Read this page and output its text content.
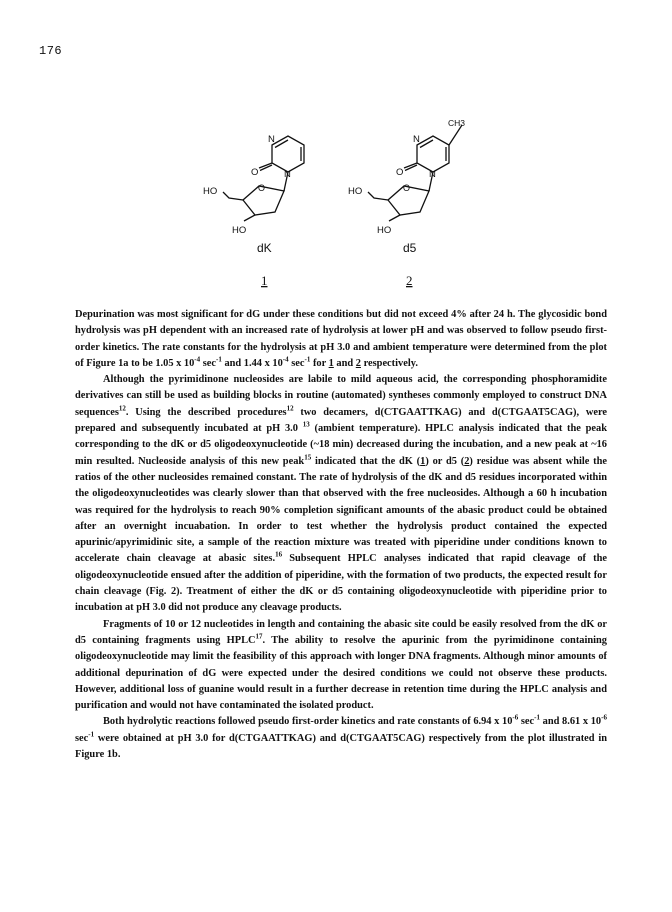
176
N
O	N
O
HO
HO
dK
1
N
O	N
O
CH3
HO
HO
d5
2

Depurination was most significant for dG under these conditions but did not exceed 4% after 24 h. The glycosidic bond hydrolysis was pH dependent with an increased rate of hydrolysis at lower pH and was observed to follow pseudo first-order kinetics. The rate constants for the hydrolysis at pH 3.0 and ambient temperature were determined from the plot of Figure 1a to be 1.05 x $10^{-4}$ $\sec^{-1}$ and 1.44 x $10^{-4}$ $\sec^{-1}$ for 1 and 2 respectively.

Although the pyrimidinone nucleosides are labile to mild aqueous acid, the corresponding phosphoramidite derivatives can still be used as building blocks in routine (automated) syntheses commonly employed to construct DNA sequences$^{12}$. Using the described procedures$^{12}$ two decamers, d(CTGAATTKAG) and d(CTGAAT5CAG), were prepared and subsequently incubated at pH 3.0 $^{13}$ (ambient temperature). HPLC analysis indicated that the peak corresponding to the dK or d5 oligodeoxynucleotide (~18 min) decreased during the incubation, and a new peak at ~16 min resulted. Nucleoside analysis of this new peak$^{15}$ indicated that the dK (1) or d5 (2) residue was absent while the ratios of the other nucleosides remained constant. The rate of hydrolysis of the dK and d5 residues incorporated within the oligodeoxynucleotides was clearly slower than that observed with the free nucleosides. Although a 60 h incubation was required for the hydrolysis to reach 90% completion significant amounts of the abasic product could be obtained after an overnight incuabation. In order to test whether the hydrolysis product contained the expected apurinic/apyrimidinic site, a sample of the reaction mixture was treated with piperidine under conditions known to accelerate chain cleavage at abasic sites.$^{16}$ Subsequent HPLC analyses indicated that rapid cleavage of the oligodeoxynucleotide ensued after the addition of piperidine, with the formation of two products, the expected result for chain cleavage (Fig. 2). Treatment of either the dK or d5 containing oligodeoxynucleotide with piperidine prior to incubation at pH 3.0 did not produce any cleavage products.

Fragments of 10 or 12 nucleotides in length and containing the abasic site could be easily resolved from the dK or d5 containing fragments using HPLC$^{17}$. The ability to resolve the apurinic from the pyrimidinone containing oligodeoxynucleotide may limit the feasibility of this approach with longer DNA fragments. Although minor amounts of additional depurination of dG were expected under the desired conditions we could not observe these products. However, additional loss of guanine would result in a further decrease in retention time during the HPLC analysis and purification and would not have contaminated the isolated product.

Both hydrolytic reactions followed pseudo first-order kinetics and rate constants of 6.94 x $10^{-6}$ $\sec^{-1}$ and 8.61 x $10^{-6}$ $\sec^{-1}$ were obtained at pH 3.0 for d(CTGAATTKAG) and d(CTGAAT5CAG) respectively from the plot illustrated in Figure 1b.
